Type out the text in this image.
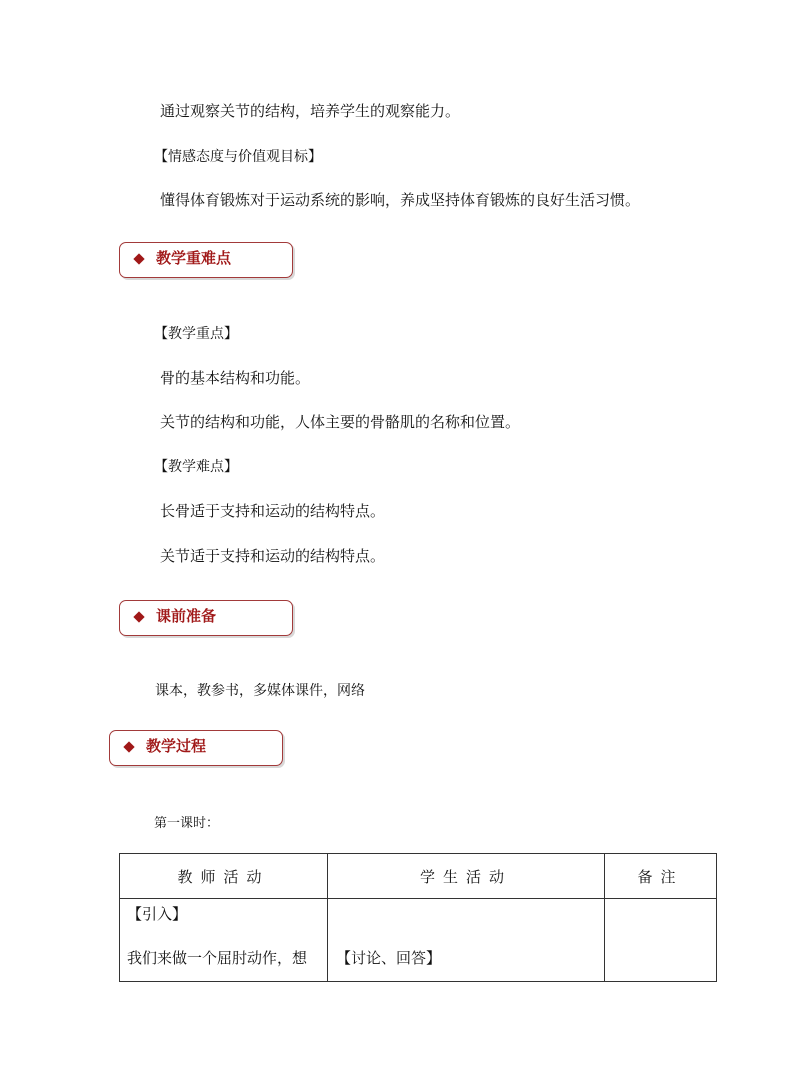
通过观察关节的结构，培养学生的观察能力。
【情感态度与价值观目标】
懂得体育锻炼对于运动系统的影响，养成坚持体育锻炼的良好生活习惯。
教学重难点
【教学重点】
骨的基本结构和功能。
关节的结构和功能，人体主要的骨骼肌的名称和位置。
【教学难点】
长骨适于支持和运动的结构特点。
关节适于支持和运动的结构特点。
课前准备
课本，教参书，多媒体课件，网络
教学过程
第一课时：
教师活动	学生活动	备注

【引入】
我们来做一个屈肘动作，想	【讨论、回答】	
